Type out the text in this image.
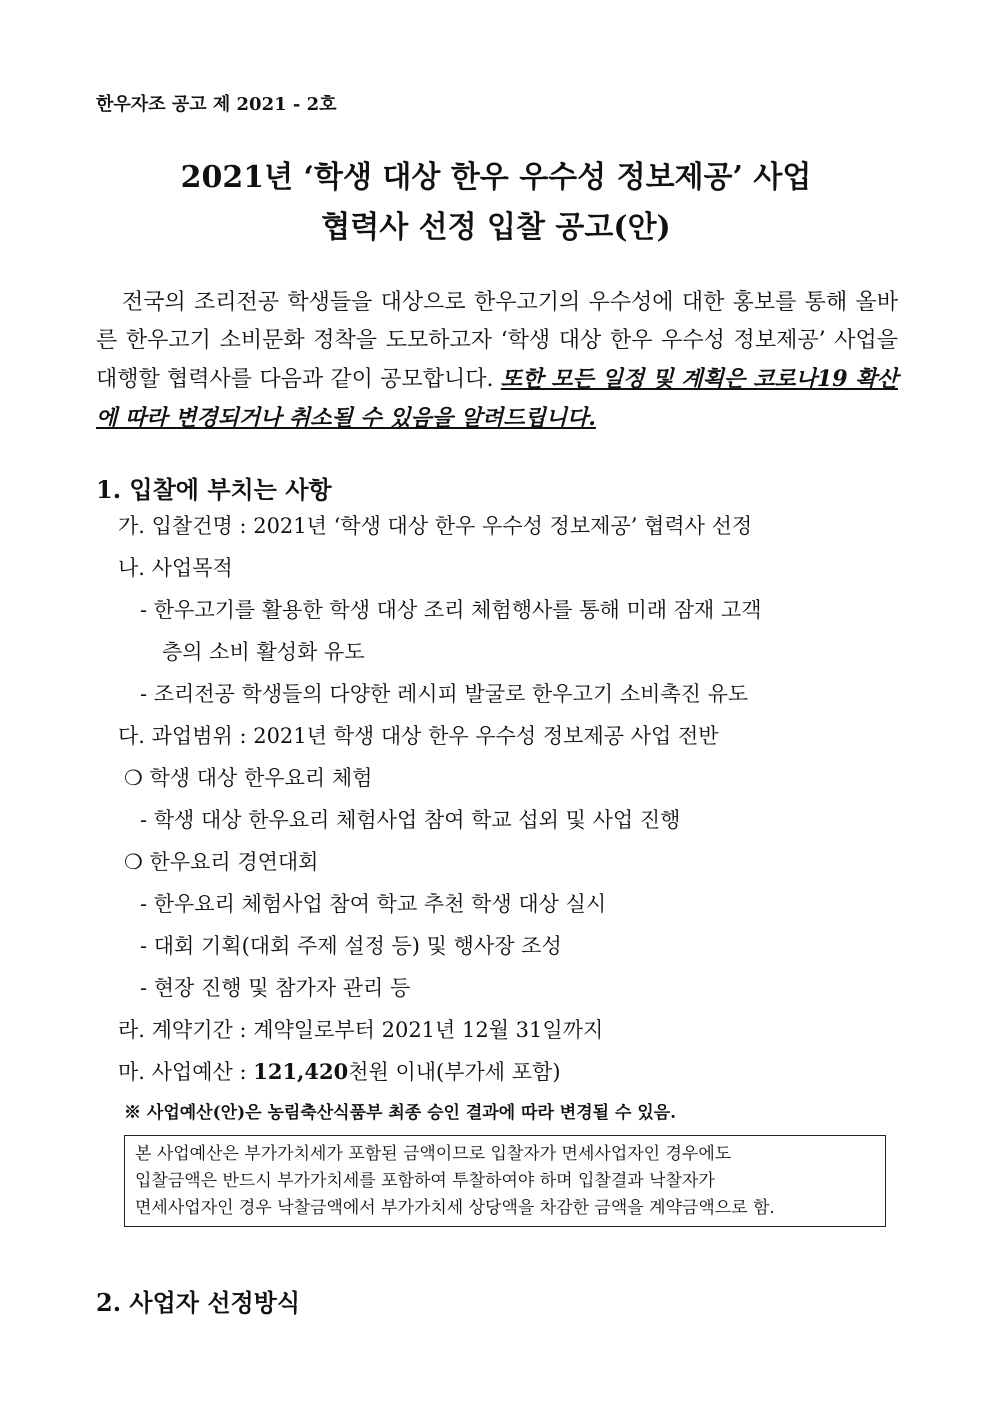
한우자조 공고 제 2021 - 2호
2021년 ‘학생 대상 한우 우수성 정보제공’ 사업
협력사 선정 입찰 공고(안)

전국의 조리전공 학생들을 대상으로 한우고기의 우수성에 대한 홍보를 통해 올바른 한우고기 소비문화 정착을 도모하고자 ‘학생 대상 한우 우수성 정보제공’ 사업을 대행할 협력사를 다음과 같이 공모합니다. 또한 모든 일정 및 계획은 코로나19 확산에 따라 변경되거나 취소될 수 있음을 알려드립니다.

1. 입찰에 부치는 사항
가. 입찰건명 : 2021년 ‘학생 대상 한우 우수성 정보제공’ 협력사 선정
나. 사업목적
- 한우고기를 활용한 학생 대상 조리 체험행사를 통해 미래 잠재 고객
층의 소비 활성화 유도
- 조리전공 학생들의 다양한 레시피 발굴로 한우고기 소비촉진 유도
다. 과업범위 : 2021년 학생 대상 한우 우수성 정보제공 사업 전반
❍ 학생 대상 한우요리 체험
- 학생 대상 한우요리 체험사업 참여 학교 섭외 및 사업 진행
❍ 한우요리 경연대회
- 한우요리 체험사업 참여 학교 추천 학생 대상 실시
- 대회 기획(대회 주제 설정 등) 및 행사장 조성
- 현장 진행 및 참가자 관리 등
라. 계약기간 : 계약일로부터 2021년 12월 31일까지
마. 사업예산 : 121,420천원 이내(부가세 포함)
※ 사업예산(안)은 농림축산식품부 최종 승인 결과에 따라 변경될 수 있음.
본 사업예산은 부가가치세가 포함된 금액이므로 입찰자가 면세사업자인 경우에도
입찰금액은 반드시 부가가치세를 포함하여 투찰하여야 하며 입찰결과 낙찰자가
면세사업자인 경우 낙찰금액에서 부가가치세 상당액을 차감한 금액을 계약금액으로 함.
2. 사업자 선정방식
